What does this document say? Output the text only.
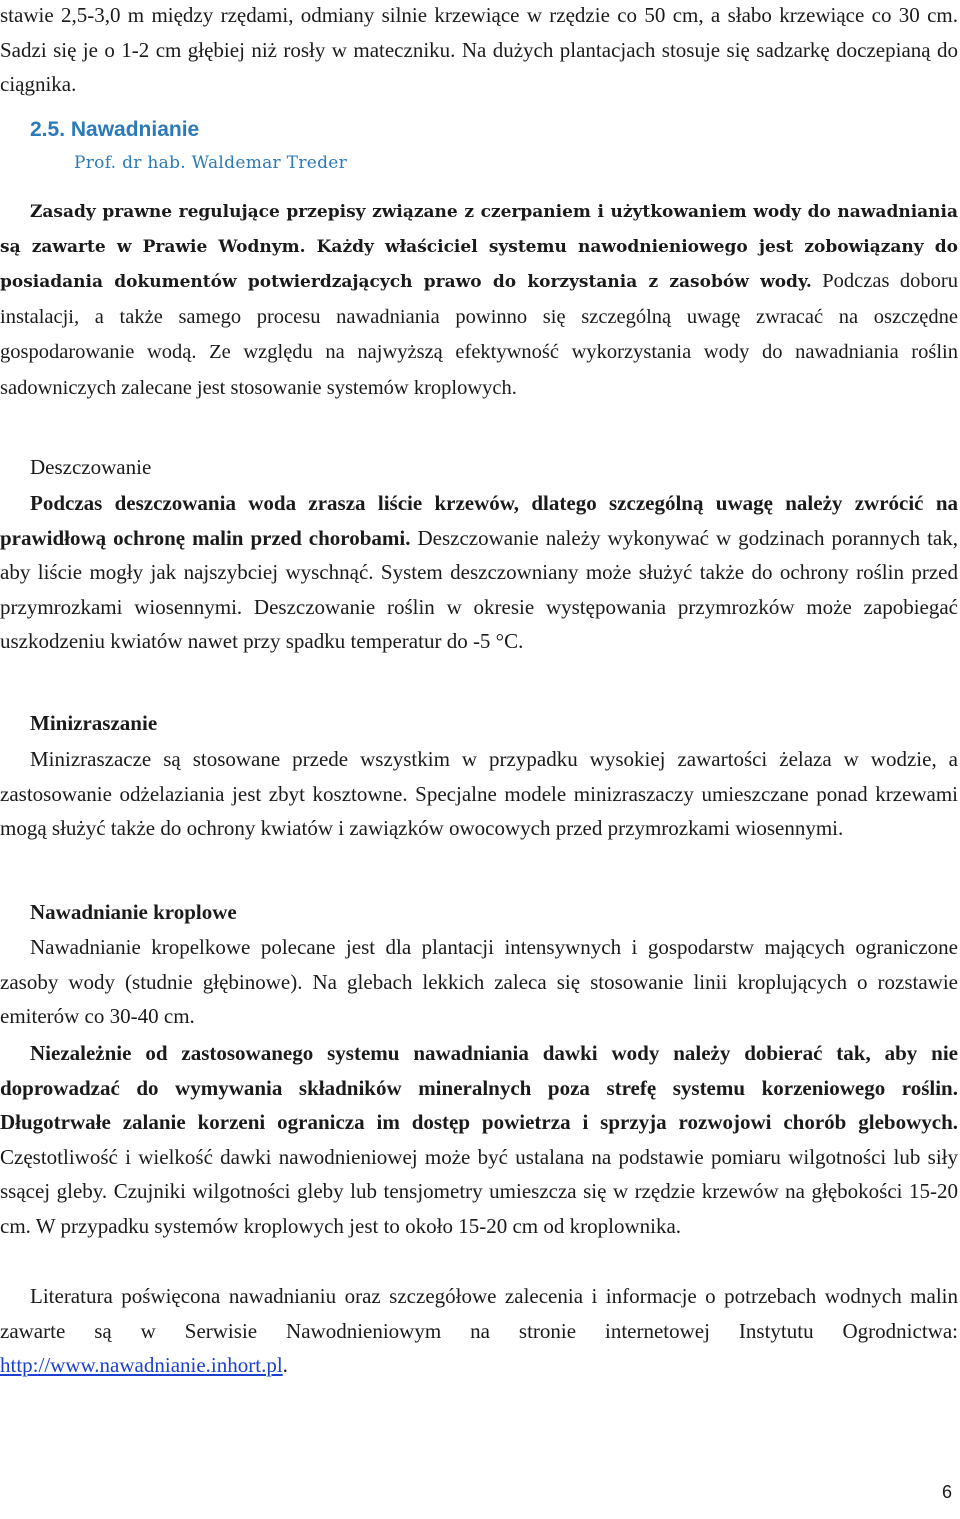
stawie 2,5-3,0 m między rzędami, odmiany silnie krzewiące w rzędzie co 50 cm, a słabo krzewiące co 30 cm. Sadzi się je o 1-2 cm głębiej niż rosły w mateczniku. Na dużych plantacjach stosuje się sadzarkę doczepianą do ciągnika.

2.5. Nawadnianie
Prof. dr hab. Waldemar Treder

Zasady prawne regulujące przepisy związane z czerpaniem i użytkowaniem wody do nawadniania są zawarte w Prawie Wodnym. Każdy właściciel systemu nawodnieniowego jest zobowiązany do posiadania dokumentów potwierdzających prawo do korzystania z zasobów wody. Podczas doboru instalacji, a także samego procesu nawadniania powinno się szczególną uwagę zwracać na oszczędne gospodarowanie wodą. Ze względu na najwyższą efektywność wykorzystania wody do nawadniania roślin sadowniczych zalecane jest stosowanie systemów kroplowych.

Deszczowanie

Podczas deszczowania woda zrasza liście krzewów, dlatego szczególną uwagę należy zwrócić na prawidłową ochronę malin przed chorobami. Deszczowanie należy wykonywać w godzinach porannych tak, aby liście mogły jak najszybciej wyschnąć. System deszczowniany może służyć także do ochrony roślin przed przymrozkami wiosennymi. Deszczowanie roślin w okresie występowania przymrozków może zapobiegać uszkodzeniu kwiatów nawet przy spadku temperatur do -5 °C.

Minizraszanie

Minizraszacze są stosowane przede wszystkim w przypadku wysokiej zawartości żelaza w wodzie, a zastosowanie odżelaziania jest zbyt kosztowne. Specjalne modele minizraszaczy umieszczane ponad krzewami mogą służyć także do ochrony kwiatów i zawiązków owocowych przed przymrozkami wiosennymi.

Nawadnianie kroplowe

Nawadnianie kropelkowe polecane jest dla plantacji intensywnych i gospodarstw mających ograniczone zasoby wody (studnie głębinowe). Na glebach lekkich zaleca się stosowanie linii kroplujących o rozstawie emiterów co 30-40 cm.

Niezależnie od zastosowanego systemu nawadniania dawki wody należy dobierać tak, aby nie doprowadzać do wymywania składników mineralnych poza strefę systemu korzeniowego roślin. Długotrwałe zalanie korzeni ogranicza im dostęp powietrza i sprzyja rozwojowi chorób glebowych. Częstotliwość i wielkość dawki nawodnieniowej może być ustalana na podstawie pomiaru wilgotności lub siły ssącej gleby. Czujniki wilgotności gleby lub tensjometry umieszcza się w rzędzie krzewów na głębokości 15-20 cm. W przypadku systemów kroplowych jest to około 15-20 cm od kroplownika.

Literatura poświęcona nawadnianiu oraz szczegółowe zalecenia i informacje o potrzebach wodnych malin zawarte są w Serwisie Nawodnieniowym na stronie internetowej Instytutu Ogrodnictwa: http://www.nawadnianie.inhort.pl.

6
